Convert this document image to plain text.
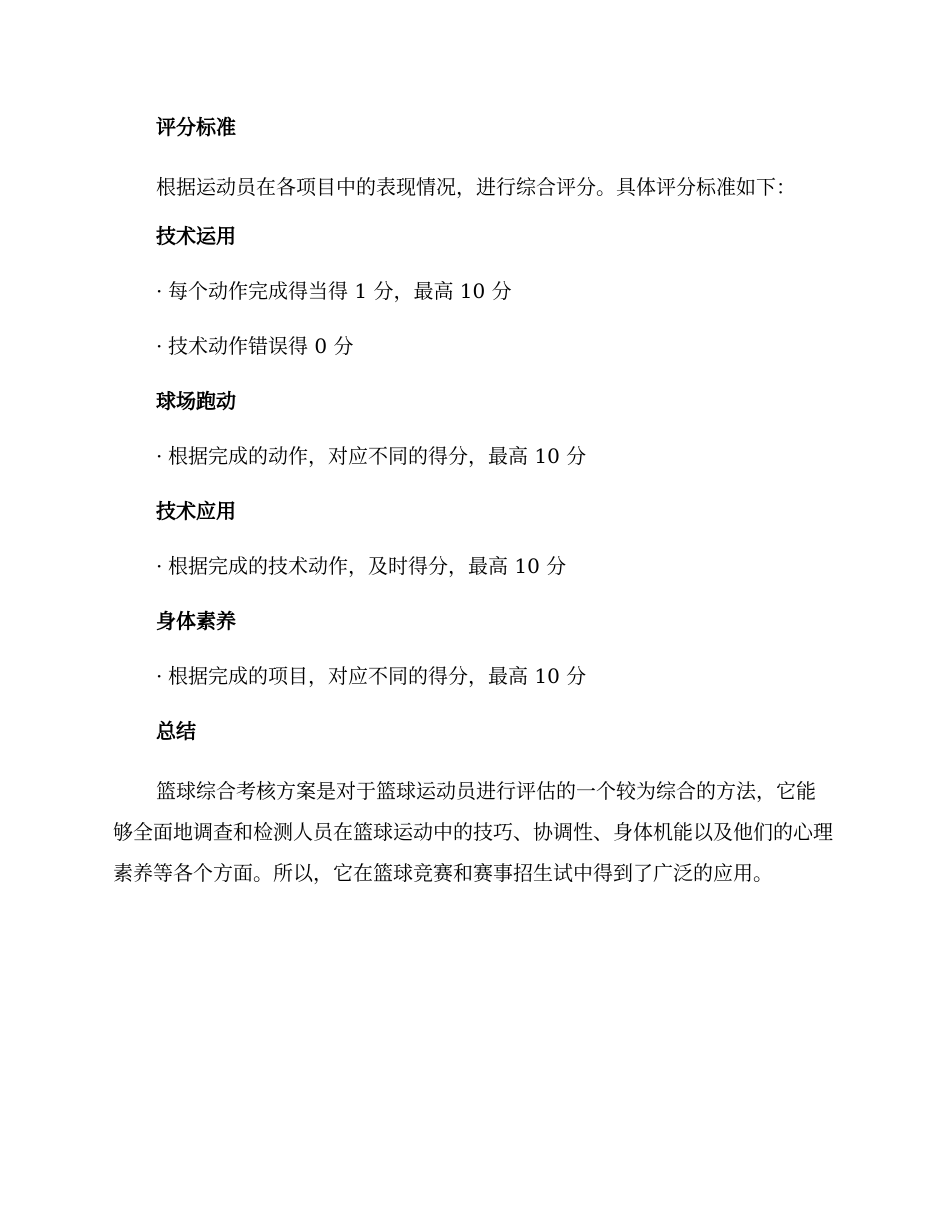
评分标准
根据运动员在各项目中的表现情况，进行综合评分。具体评分标准如下：
技术运用
· 每个动作完成得当得 1 分，最高 10 分
· 技术动作错误得 0 分
球场跑动
· 根据完成的动作，对应不同的得分，最高 10 分
技术应用
· 根据完成的技术动作，及时得分，最高 10 分
身体素养
· 根据完成的项目，对应不同的得分，最高 10 分
总结
篮球综合考核方案是对于篮球运动员进行评估的一个较为综合的方法，它能够全面地调查和检测人员在篮球运动中的技巧、协调性、身体机能以及他们的心理素养等各个方面。所以，它在篮球竞赛和赛事招生试中得到了广泛的应用。
